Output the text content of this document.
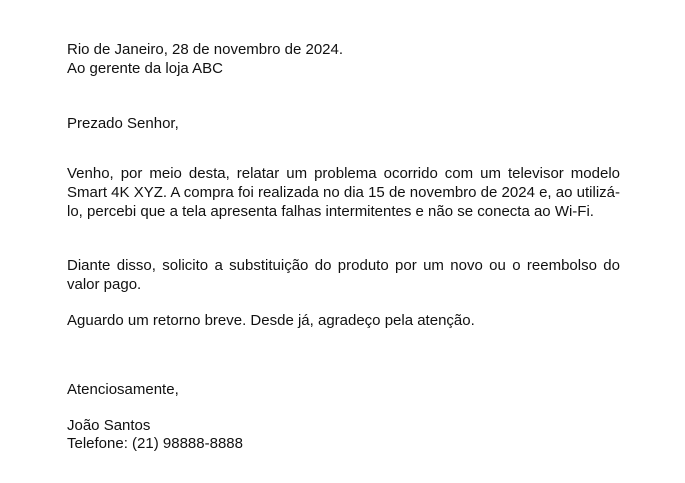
Rio de Janeiro, 28 de novembro de 2024.
Ao gerente da loja ABC
Prezado Senhor,

Venho, por meio desta, relatar um problema ocorrido com um televisor modelo Smart 4K XYZ. A compra foi realizada no dia 15 de novembro de 2024 e, ao utilizá-lo, percebi que a tela apresenta falhas intermitentes e não se conecta ao Wi-Fi.

Diante disso, solicito a substituição do produto por um novo ou o reembolso do valor pago.

Aguardo um retorno breve. Desde já, agradeço pela atenção.

Atenciosamente,
João Santos
Telefone: (21) 98888-8888
